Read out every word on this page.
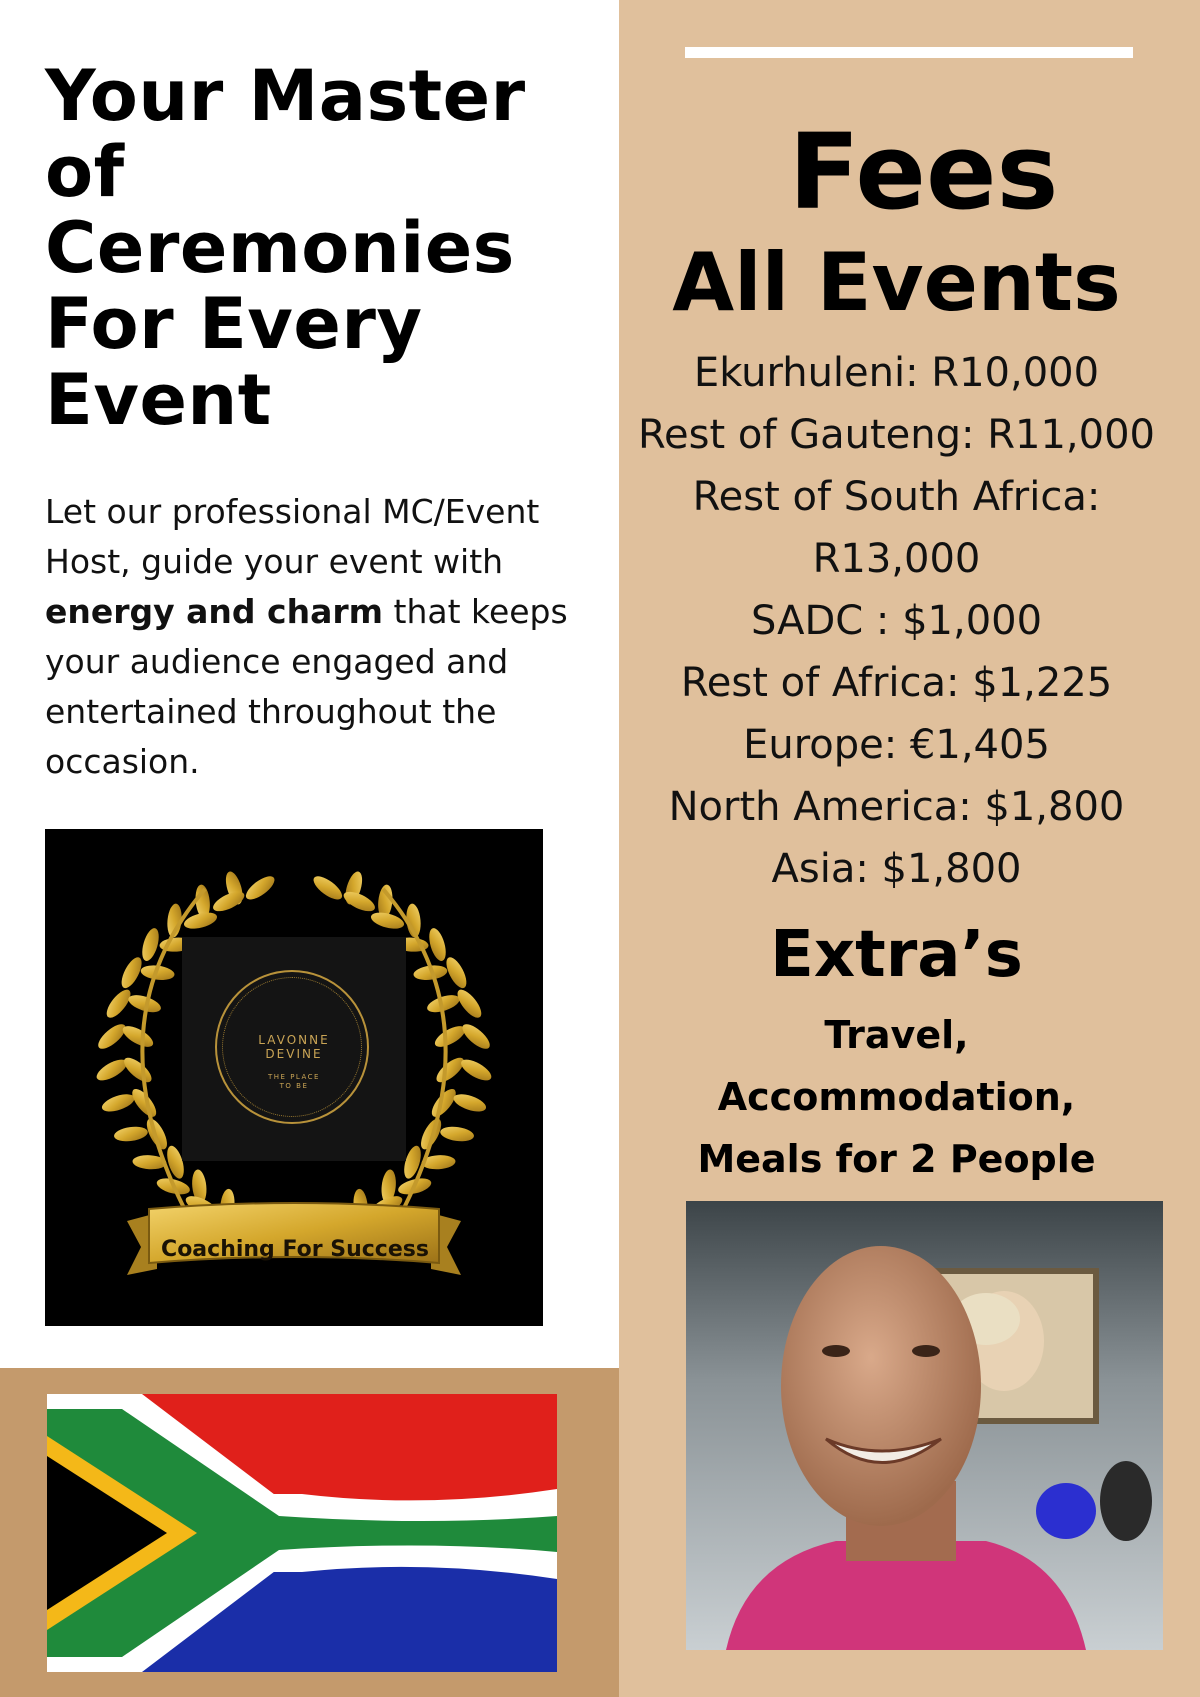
Your Master
of
Ceremonies
For Every
Event

Let our professional MC/Event Host, guide your event with energy and charm that keeps your audience engaged and entertained throughout the occasion.

LAVONNE
DEVINE
THE PLACE
TO BE
Coaching For Success
Fees
All Events
Ekurhuleni: R10,000
Rest of Gauteng: R11,000
Rest of South Africa:
R13,000
SADC : $1,000
Rest of Africa: $1,225
Europe: €1,405
North America: $1,800
Asia: $1,800
Extra’s
Travel,
Accommodation,
Meals for 2 People
